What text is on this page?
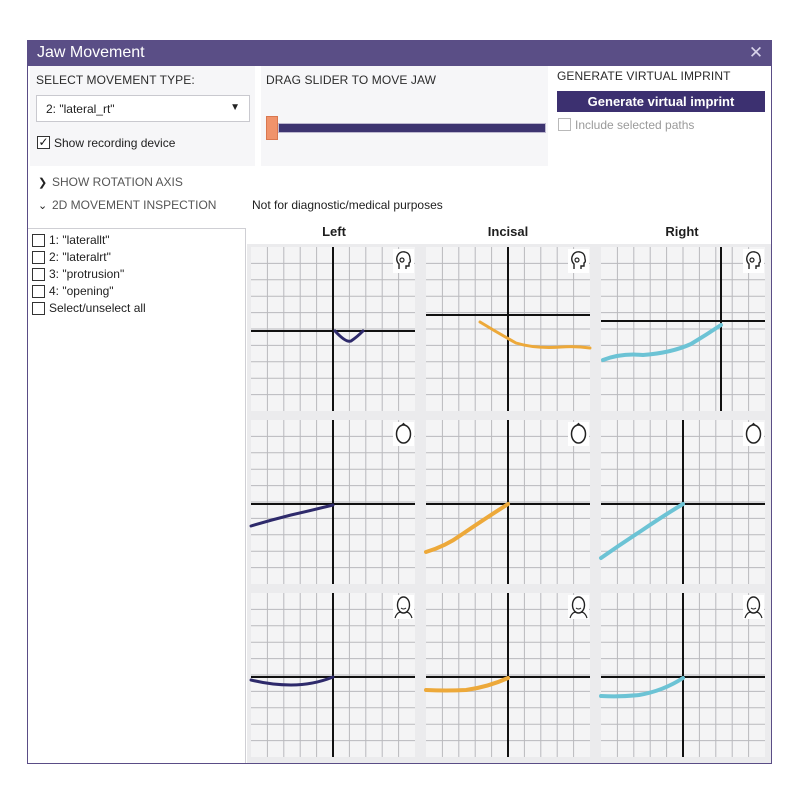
Jaw Movement	✕
SELECT MOVEMENT TYPE:
2: "lateral_rt"	▼
✓ Show recording device
DRAG SLIDER TO MOVE JAW	GENERATE VIRTUAL IMPRINT
Generate virtual imprint
Include selected paths
❯ SHOW ROTATION AXIS
⌄ 2D MOVEMENT INSPECTION
1: "laterallt"
2: "lateralrt"
3: "protrusion"
4: "opening"
Select/unselect all
Not for diagnostic/medical purposes
Left	Incisal	Right
